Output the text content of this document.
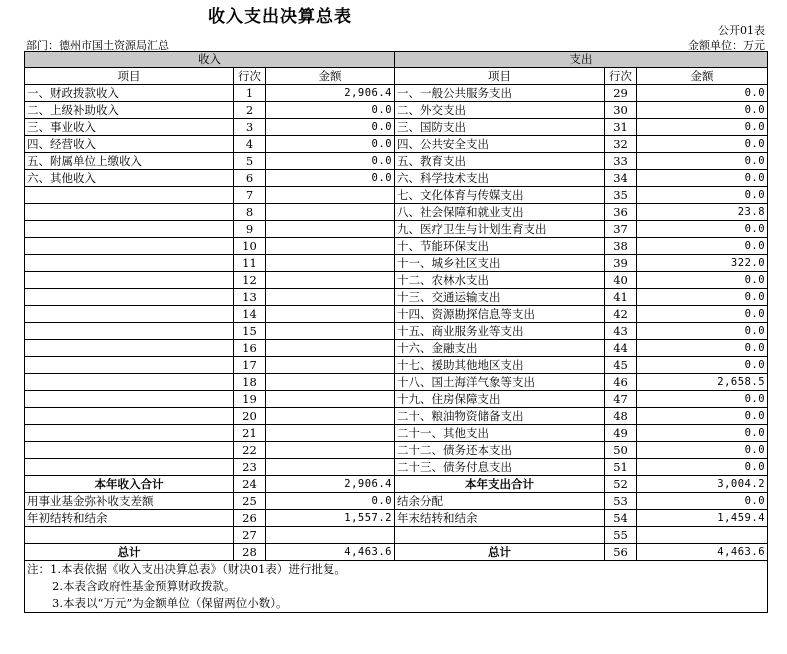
收入支出决算总表
公开01表
部门：德州市国土资源局汇总	金额单位：万元
收入			支出		
项目	行次	金额	项目	行次	金额
一、财政拨款收入	1	2,906.4	一、一般公共服务支出	29	0.0
二、上级补助收入	2	0.0	二、外交支出	30	0.0
三、事业收入	3	0.0	三、国防支出	31	0.0
四、经营收入	4	0.0	四、公共安全支出	32	0.0
五、附属单位上缴收入	5	0.0	五、教育支出	33	0.0
六、其他收入	6	0.0	六、科学技术支出	34	0.0
	7		七、文化体育与传媒支出	35	0.0
	8		八、社会保障和就业支出	36	23.8
	9		九、医疗卫生与计划生育支出	37	0.0
	10		十、节能环保支出	38	0.0
	11		十一、城乡社区支出	39	322.0
	12		十二、农林水支出	40	0.0
	13		十三、交通运输支出	41	0.0
	14		十四、资源勘探信息等支出	42	0.0
	15		十五、商业服务业等支出	43	0.0
	16		十六、金融支出	44	0.0
	17		十七、援助其他地区支出	45	0.0
	18		十八、国土海洋气象等支出	46	2,658.5
	19		十九、住房保障支出	47	0.0
	20		二十、粮油物资储备支出	48	0.0
	21		二十一、其他支出	49	0.0
	22		二十二、债务还本支出	50	0.0
	23		二十三、债务付息支出	51	0.0
本年收入合计	24	2,906.4	本年支出合计	52	3,004.2
用事业基金弥补收支差额	25	0.0	结余分配	53	0.0
年初结转和结余	26	1,557.2	年末结转和结余	54	1,459.4
	27			55	
总计	28	4,463.6	总计	56	4,463.6
注：1.本表依据《收入支出决算总表》（财决01表）进行批复。					
2.本表含政府性基金预算财政拨款。					
3.本表以“万元”为金额单位（保留两位小数）。					
